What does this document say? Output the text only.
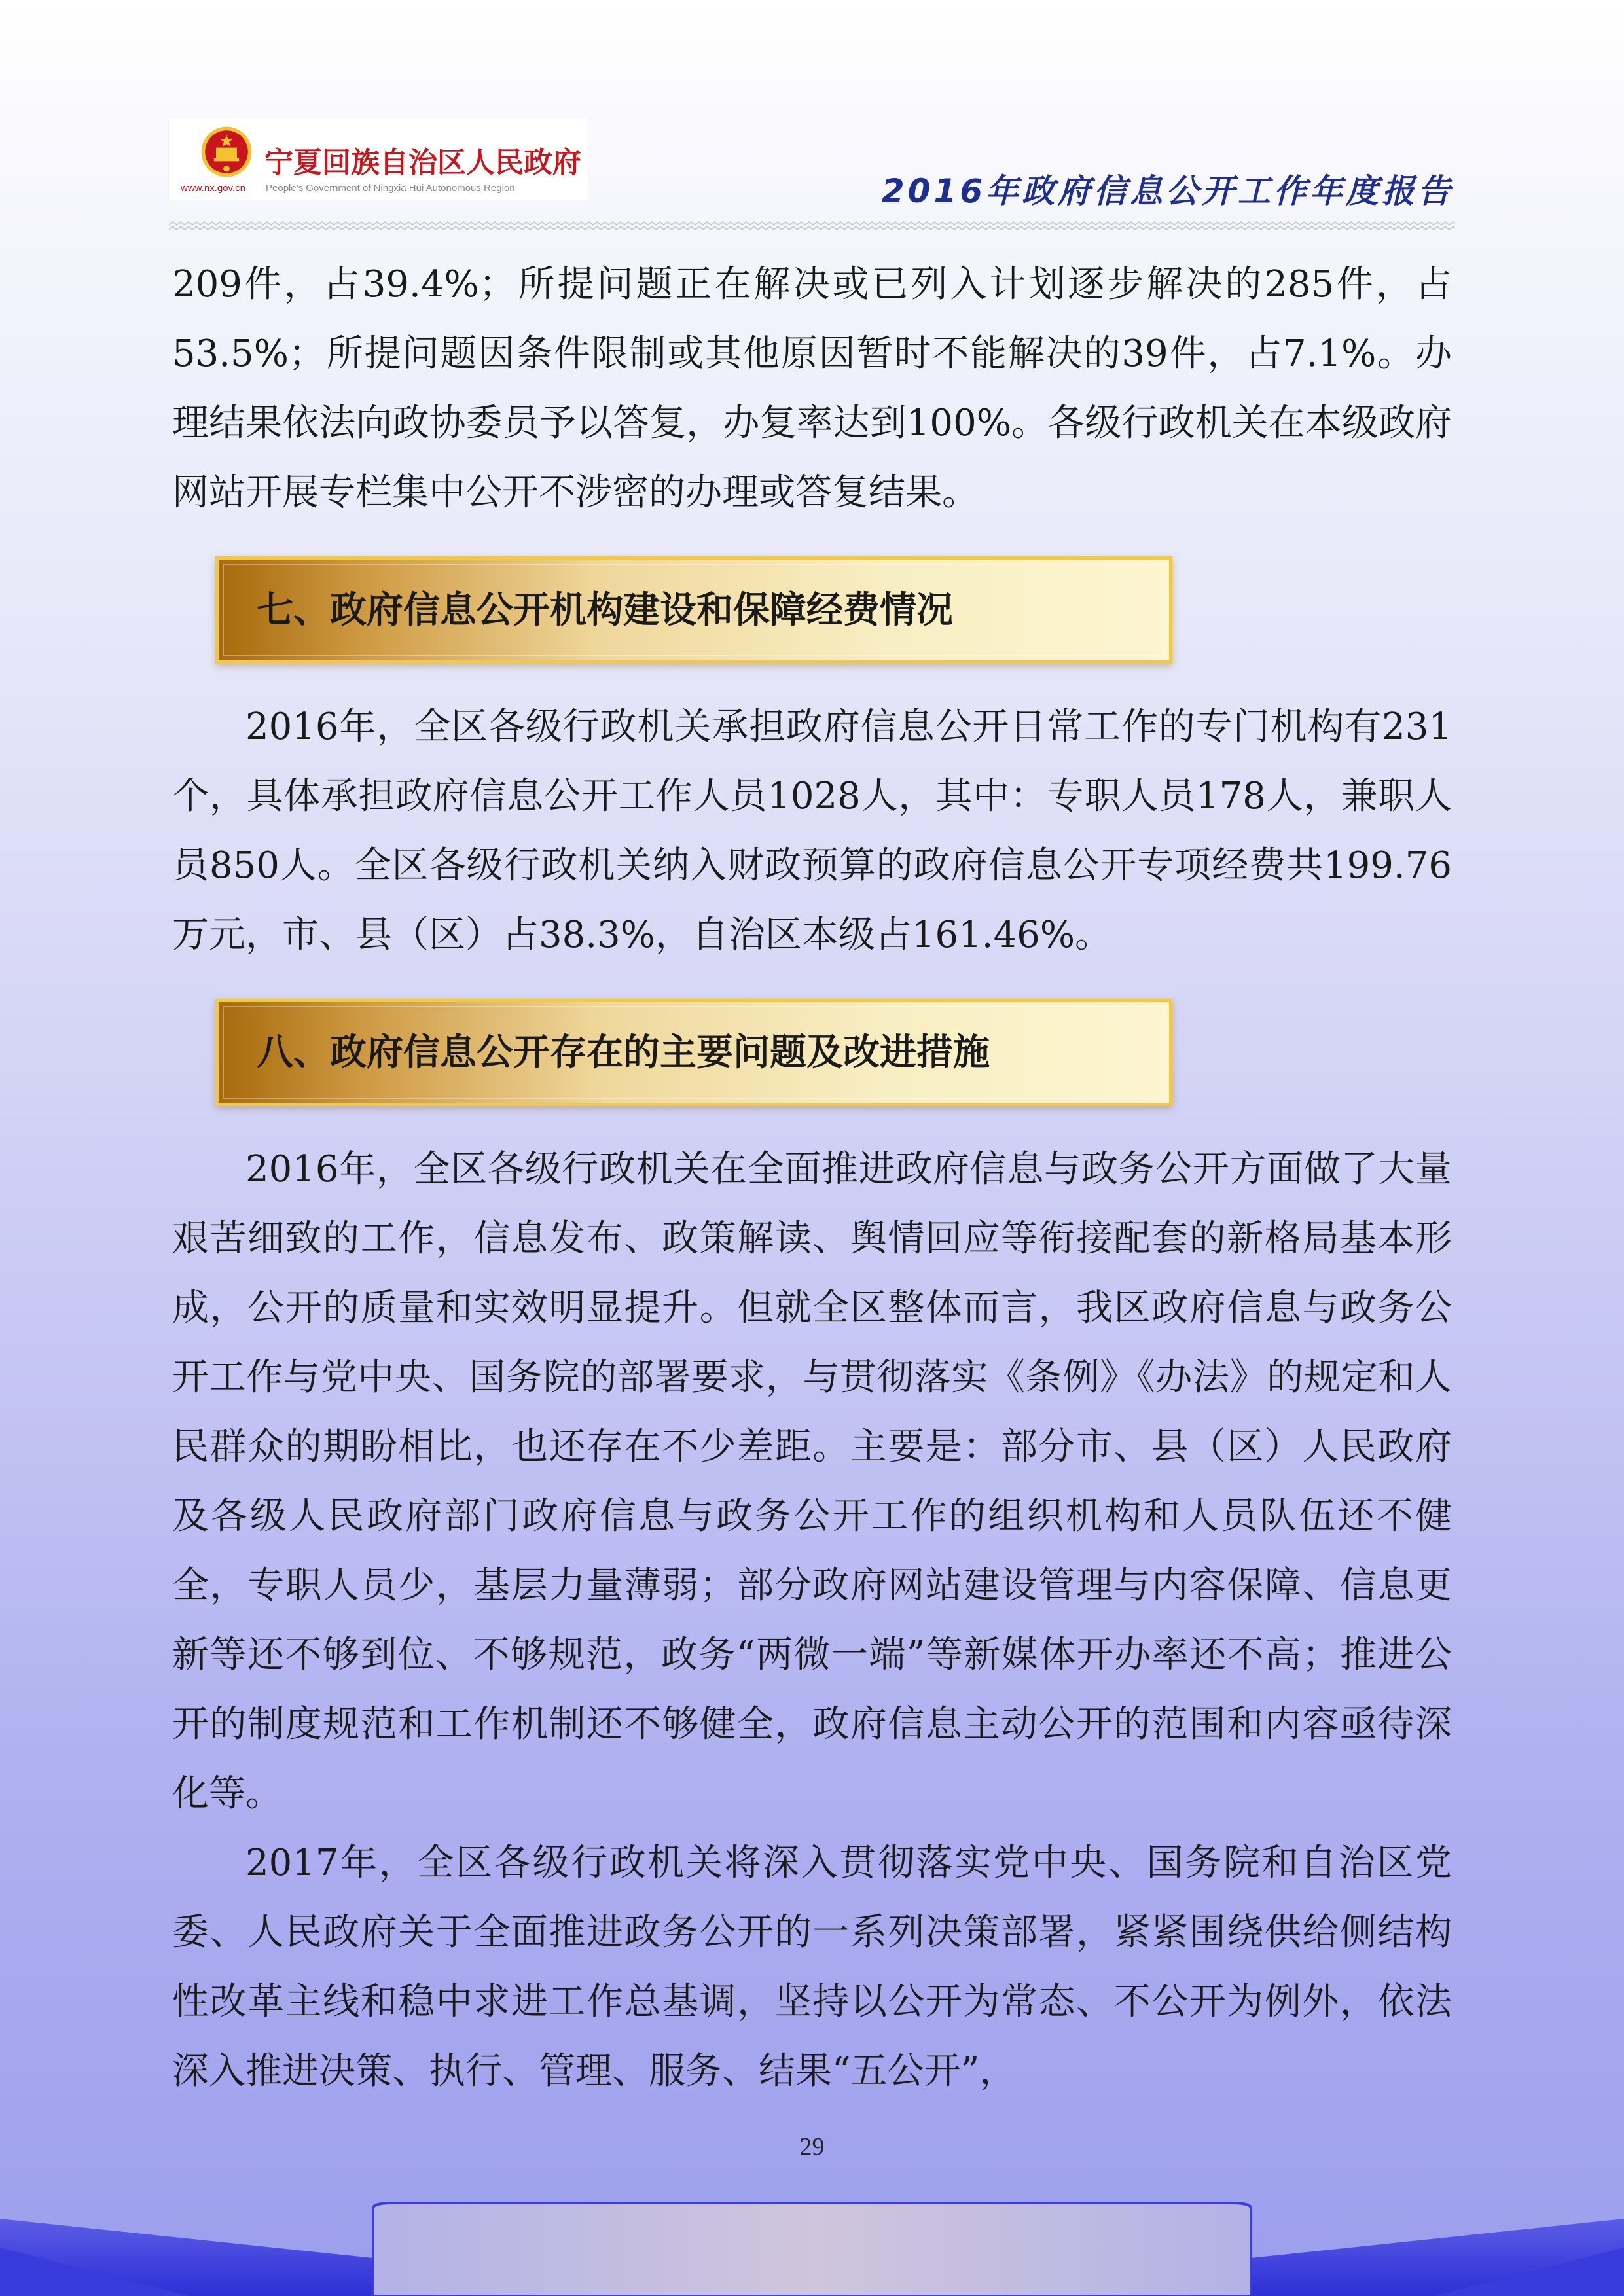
宁夏回族自治区人民政府
www.nx.gov.cn People's Government of Ningxia Hui Autonomous Region	2016年政府信息公开工作年度报告

209件，占39.4%；所提问题正在解决或已列入计划逐步解决的285件，占53.5%；所提问题因条件限制或其他原因暂时不能解决的39件，占7.1%。办理结果依法向政协委员予以答复，办复率达到100%。各级行政机关在本级政府网站开展专栏集中公开不涉密的办理或答复结果。

七、政府信息公开机构建设和保障经费情况

2016年，全区各级行政机关承担政府信息公开日常工作的专门机构有231个，具体承担政府信息公开工作人员1028人，其中：专职人员178人，兼职人员850人。全区各级行政机关纳入财政预算的政府信息公开专项经费共199.76万元，市、县（区）占38.3%，自治区本级占161.46%。

八、政府信息公开存在的主要问题及改进措施

2016年，全区各级行政机关在全面推进政府信息与政务公开方面做了大量艰苦细致的工作，信息发布、政策解读、舆情回应等衔接配套的新格局基本形成，公开的质量和实效明显提升。但就全区整体而言，我区政府信息与政务公开工作与党中央、国务院的部署要求，与贯彻落实《条例》《办法》的规定和人民群众的期盼相比，也还存在不少差距。主要是：部分市、县（区）人民政府及各级人民政府部门政府信息与政务公开工作的组织机构和人员队伍还不健全，专职人员少，基层力量薄弱；部分政府网站建设管理与内容保障、信息更新等还不够到位、不够规范，政务“两微一端”等新媒体开办率还不高；推进公开的制度规范和工作机制还不够健全，政府信息主动公开的范围和内容亟待深化等。

2017年，全区各级行政机关将深入贯彻落实党中央、国务院和自治区党委、人民政府关于全面推进政务公开的一系列决策部署，紧紧围绕供给侧结构性改革主线和稳中求进工作总基调，坚持以公开为常态、不公开为例外，依法深入推进决策、执行、管理、服务、结果“五公开”，

29
